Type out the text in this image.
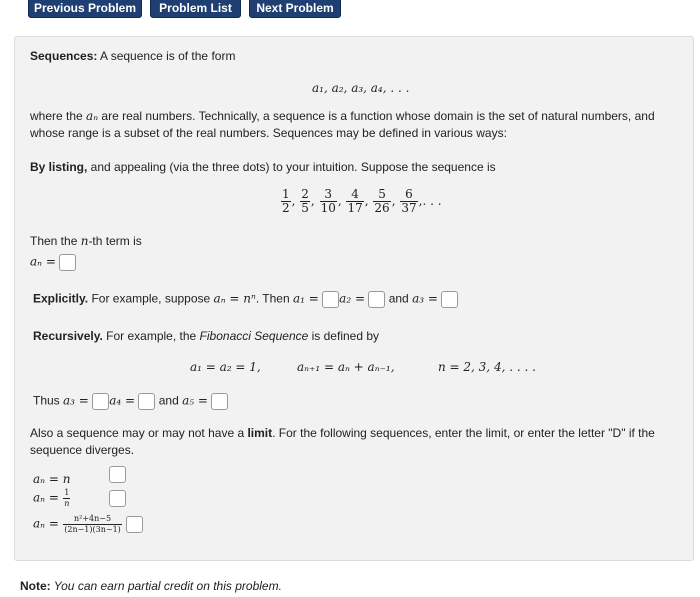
Previous Problem	Problem List	Next Problem
Sequences: A sequence is of the form
a₁, a₂, a₃, a₄, . . .
where the aₙ are real numbers. Technically, a sequence is a function whose domain is the set of natural numbers, and whose range is a subset of the real numbers. Sequences may be defined in various ways:
By listing, and appealing (via the three dots) to your intuition. Suppose the sequence is
$\frac{1}{2}$ , $\frac{2}{5}$ , $\frac{3}{10}$ , $\frac{4}{17}$ , $\frac{5}{26}$ , $\frac{6}{37}$ ,. . .
Then the n-th term is
aₙ =
Explicitly. For example, suppose aₙ = nⁿ. Then a₁ = a₂ = and a₃ =
Recursively. For example, the Fibonacci Sequence is defined by
a₁ = a₂ = 1,	aₙ₊₁ = aₙ + aₙ₋₁,	n = 2, 3, 4, . . . .
Thus a₃ = a₄ = and a₅ =
Also a sequence may or may not have a limit. For the following sequences, enter the limit, or enter the letter "D" if the sequence diverges.
aₙ = n
$a_n = \frac{1}{n}$
$a_n = \frac{\text{n²+4n−5}}{(2n-1)(3n-1)}$

Note: You can earn partial credit on this problem.
